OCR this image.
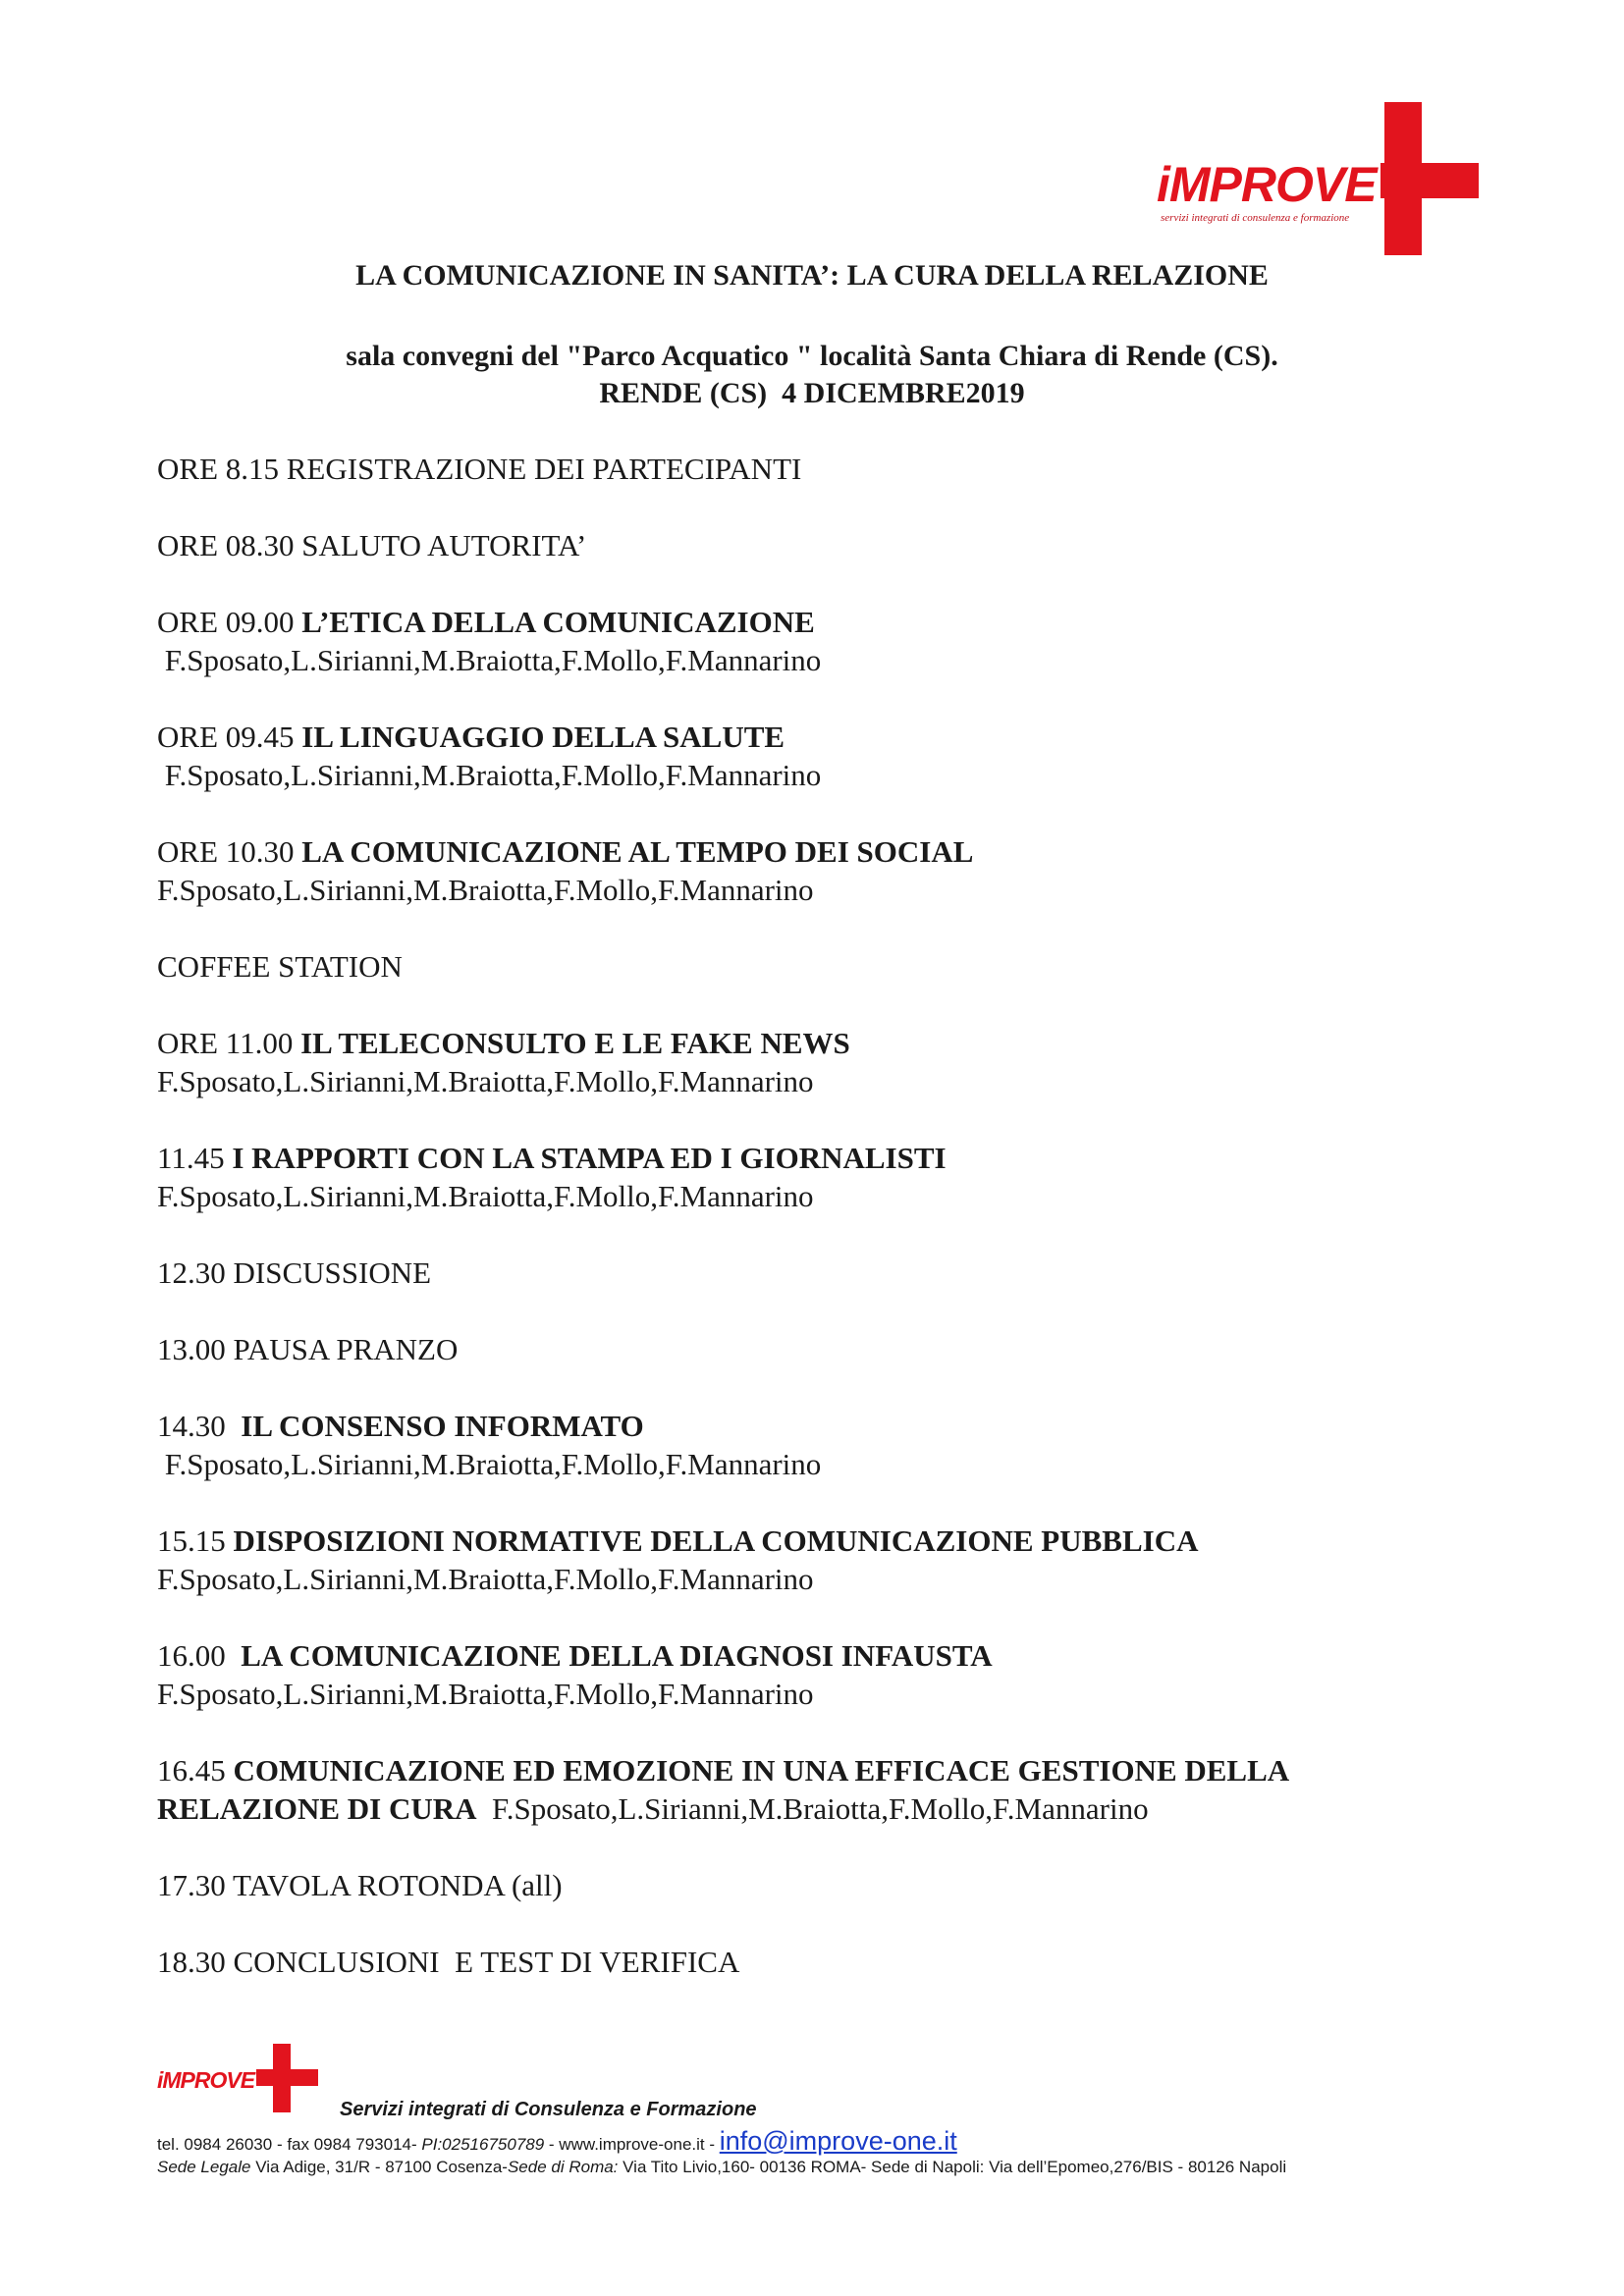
iMPROVE
servizi integrati di consulenza e formazione
LA COMUNICAZIONE IN SANITA’: LA CURA DELLA RELAZIONE
sala convegni del "Parco Acquatico " località Santa Chiara di Rende (CS).
RENDE (CS)  4 DICEMBRE2019
ORE 8.15 REGISTRAZIONE DEI PARTECIPANTI
ORE 08.30 SALUTO AUTORITA’
ORE 09.00 L’ETICA DELLA COMUNICAZIONE
F.Sposato,L.Sirianni,M.Braiotta,F.Mollo,F.Mannarino
ORE 09.45 IL LINGUAGGIO DELLA SALUTE
F.Sposato,L.Sirianni,M.Braiotta,F.Mollo,F.Mannarino
ORE 10.30 LA COMUNICAZIONE AL TEMPO DEI SOCIAL
F.Sposato,L.Sirianni,M.Braiotta,F.Mollo,F.Mannarino
COFFEE STATION
ORE 11.00 IL TELECONSULTO E LE FAKE NEWS
F.Sposato,L.Sirianni,M.Braiotta,F.Mollo,F.Mannarino
11.45 I RAPPORTI CON LA STAMPA ED I GIORNALISTI
F.Sposato,L.Sirianni,M.Braiotta,F.Mollo,F.Mannarino
12.30 DISCUSSIONE
13.00 PAUSA PRANZO
14.30  IL CONSENSO INFORMATO
F.Sposato,L.Sirianni,M.Braiotta,F.Mollo,F.Mannarino
15.15 DISPOSIZIONI NORMATIVE DELLA COMUNICAZIONE PUBBLICA
F.Sposato,L.Sirianni,M.Braiotta,F.Mollo,F.Mannarino
16.00  LA COMUNICAZIONE DELLA DIAGNOSI INFAUSTA
F.Sposato,L.Sirianni,M.Braiotta,F.Mollo,F.Mannarino
16.45 COMUNICAZIONE ED EMOZIONE IN UNA EFFICACE GESTIONE DELLA
RELAZIONE DI CURA F.Sposato,L.Sirianni,M.Braiotta,F.Mollo,F.Mannarino
17.30 TAVOLA ROTONDA (all)
18.30 CONCLUSIONI  E TEST DI VERIFICA
iMPROVE
Servizi integrati di Consulenza e Formazione
tel. 0984 26030 - fax 0984 793014- PI:02516750789 - www.improve-one.it - info@improve-one.it
Sede Legale Via Adige, 31/R - 87100 Cosenza-Sede di Roma: Via Tito Livio,160- 00136 ROMA- Sede di Napoli: Via dell’Epomeo,276/BIS - 80126 Napoli
